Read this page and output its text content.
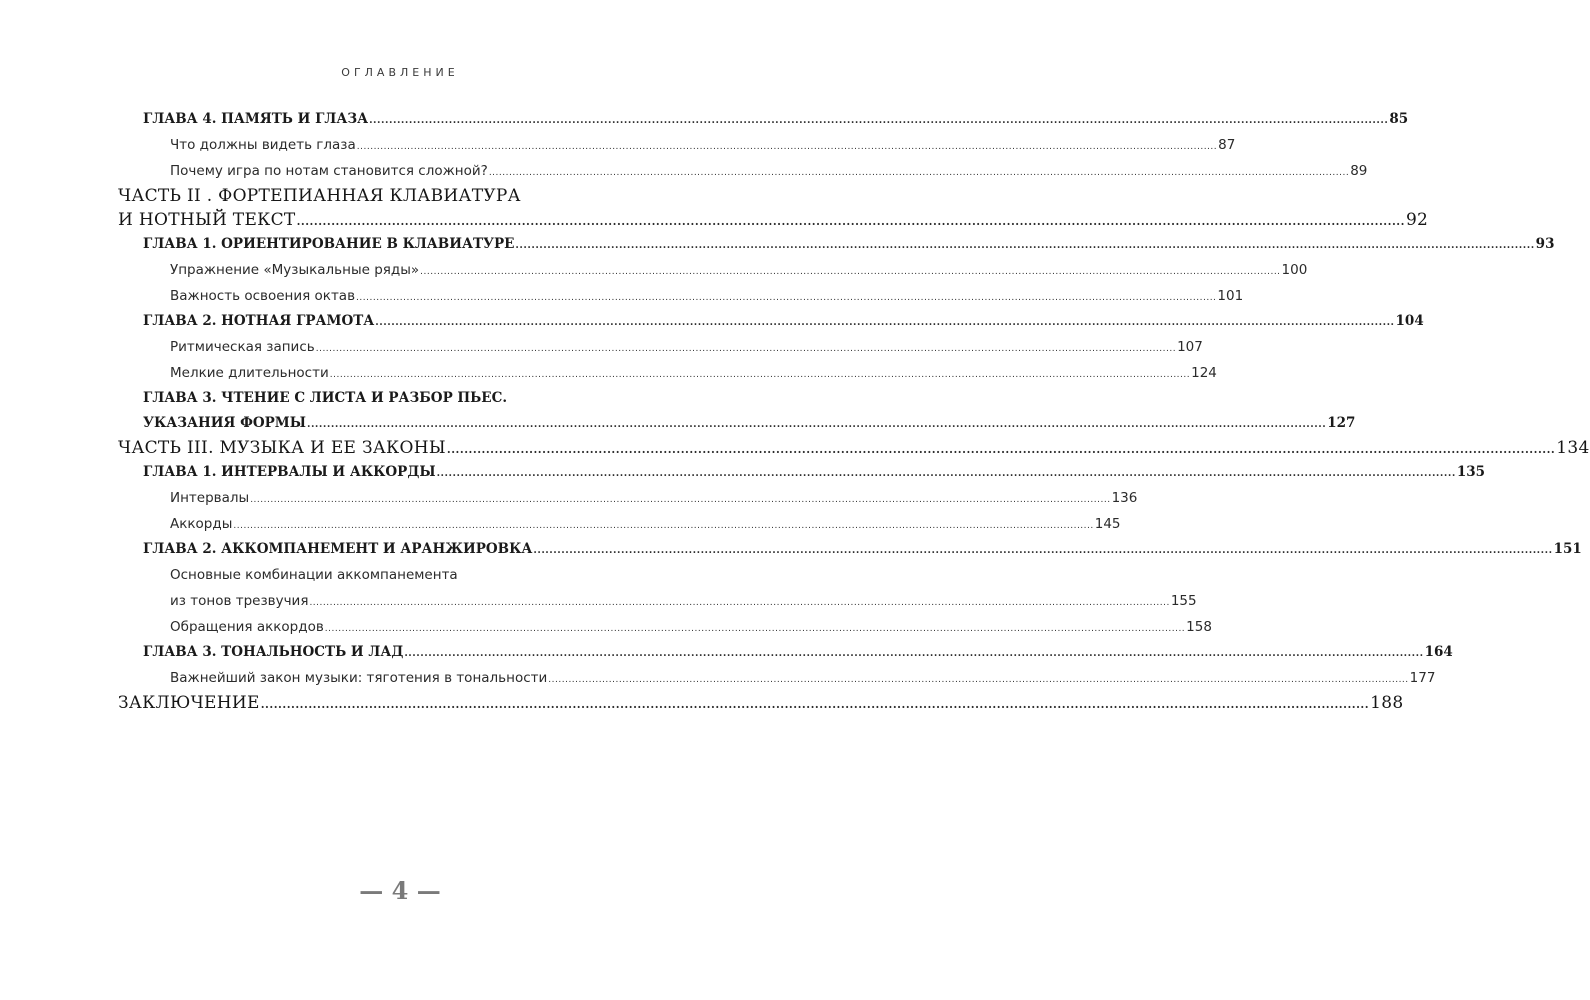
ОГЛАВЛЕНИЕ
ГЛАВА 4. ПАМЯТЬ И ГЛАЗА .....	85
Что должны видеть глаза .....	87
Почему игра по нотам становится сложной? .....	89
ЧАСТЬ II . ФОРТЕПИАННАЯ КЛАВИАТУРА
И НОТНЫЙ ТЕКСТ .....	92
ГЛАВА 1. ОРИЕНТИРОВАНИЕ В КЛАВИАТУРЕ .....	93
Упражнение «Музыкальные ряды» .....	100
Важность освоения октав .....	101
ГЛАВА 2. НОТНАЯ ГРАМОТА .....	104
Ритмическая запись .....	107
Мелкие длительности .....	124
ГЛАВА 3. ЧТЕНИЕ С ЛИСТА И РАЗБОР ПЬЕС.
УКАЗАНИЯ ФОРМЫ .....	127
ЧАСТЬ III. МУЗЫКА И ЕЕ ЗАКОНЫ .....	134
ГЛАВА 1. ИНТЕРВАЛЫ И АККОРДЫ .....	135
Интервалы .....	136
Аккорды .....	145
ГЛАВА 2. АККОМПАНЕМЕНТ И АРАНЖИРОВКА .....	151
Основные комбинации аккомпанемента
из тонов трезвучия .....	155
Обращения аккордов .....	158
ГЛАВА 3. ТОНАЛЬНОСТЬ И ЛАД .....	164
Важнейший закон музыки: тяготения в тональности .....	177
ЗАКЛЮЧЕНИЕ .....	188
— 4 —
